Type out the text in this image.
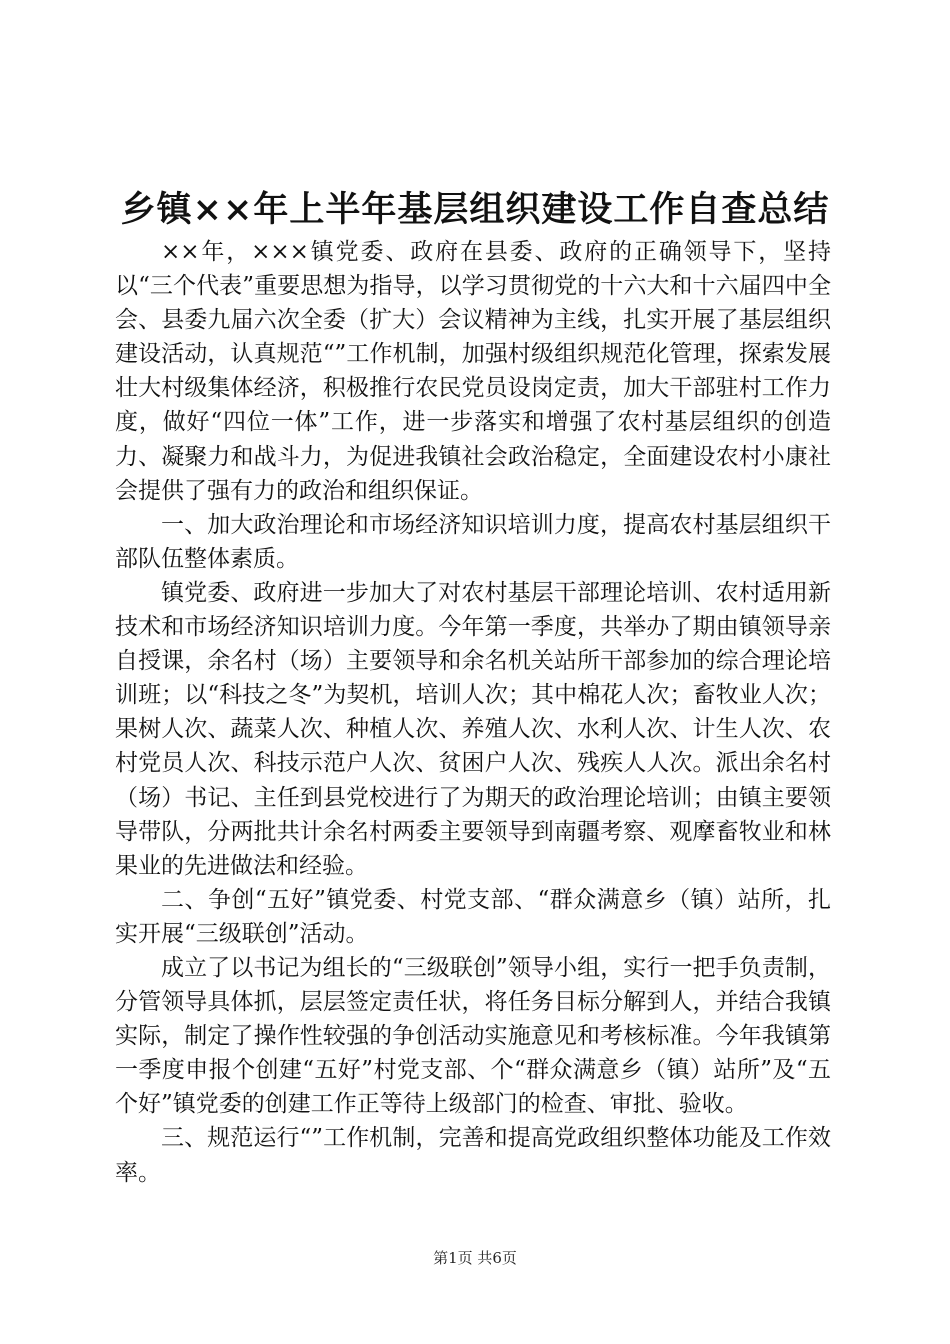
乡镇××年上半年基层组织建设工作自查总结

××年，×××镇党委、政府在县委、政府的正确领导下，坚持以“三个代表”重要思想为指导，以学习贯彻党的十六大和十六届四中全会、县委九届六次全委（扩大）会议精神为主线，扎实开展了基层组织建设活动，认真规范“”工作机制，加强村级组织规范化管理，探索发展壮大村级集体经济，积极推行农民党员设岗定责，加大干部驻村工作力度，做好“四位一体”工作，进一步落实和增强了农村基层组织的创造力、凝聚力和战斗力，为促进我镇社会政治稳定，全面建设农村小康社会提供了强有力的政治和组织保证。

一、加大政治理论和市场经济知识培训力度，提高农村基层组织干部队伍整体素质。

镇党委、政府进一步加大了对农村基层干部理论培训、农村适用新技术和市场经济知识培训力度。今年第一季度，共举办了期由镇领导亲自授课，余名村（场）主要领导和余名机关站所干部参加的综合理论培训班；以“科技之冬”为契机，培训人次；其中棉花人次；畜牧业人次；果树人次、蔬菜人次、种植人次、养殖人次、水利人次、计生人次、农村党员人次、科技示范户人次、贫困户人次、残疾人人次。派出余名村（场）书记、主任到县党校进行了为期天的政治理论培训；由镇主要领导带队，分两批共计余名村两委主要领导到南疆考察、观摩畜牧业和林果业的先进做法和经验。

二、争创“五好”镇党委、村党支部、“群众满意乡（镇）站所，扎实开展“三级联创”活动。

成立了以书记为组长的“三级联创”领导小组，实行一把手负责制，分管领导具体抓，层层签定责任状，将任务目标分解到人，并结合我镇实际，制定了操作性较强的争创活动实施意见和考核标准。今年我镇第一季度申报个创建“五好”村党支部、个“群众满意乡（镇）站所”及“五个好”镇党委的创建工作正等待上级部门的检查、审批、验收。

三、规范运行“”工作机制，完善和提高党政组织整体功能及工作效率。

第1页 共6页
